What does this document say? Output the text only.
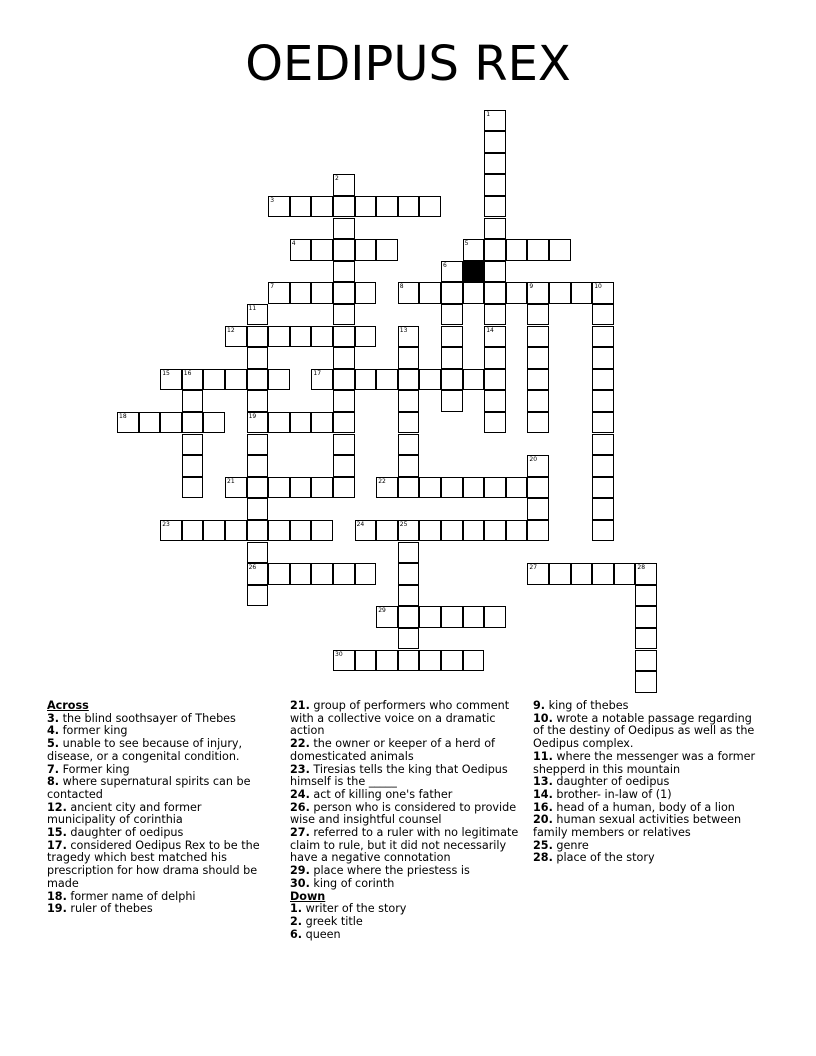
OEDIPUS REX
1
14
2
3
4	5
6
7	8	9	10
11
19
26
12	13
15 16	17
18
20
21	22
23	24	25
27	28
29
30

Across

3. the blind soothsayer of Thebes

4. former king

5. unable to see because of injury, disease, or a congenital condition.

7. Former king

8. where supernatural spirits can be contacted

12. ancient city and former municipality of corinthia

15. daughter of oedipus

17. considered Oedipus Rex to be the tragedy which best matched his prescription for how drama should be made

18. former name of delphi

19. ruler of thebes

21. group of performers who comment with a collective voice on a dramatic action

22. the owner or keeper of a herd of domesticated animals

23. Tiresias tells the king that Oedipus himself is the _____

24. act of killing one's father

26. person who is considered to provide wise and insightful counsel

27. referred to a ruler with no legitimate claim to rule, but it did not necessarily have a negative connotation

29. place where the priestess is

30. king of corinth

Down

1. writer of the story

2. greek title

6. queen

9. king of thebes

10. wrote a notable passage regarding of the destiny of Oedipus as well as the Oedipus complex.

11. where the messenger was a former shepperd in this mountain

13. daughter of oedipus

14. brother- in-law of (1)

16. head of a human, body of a lion

20. human sexual activities between family members or relatives

25. genre

28. place of the story
